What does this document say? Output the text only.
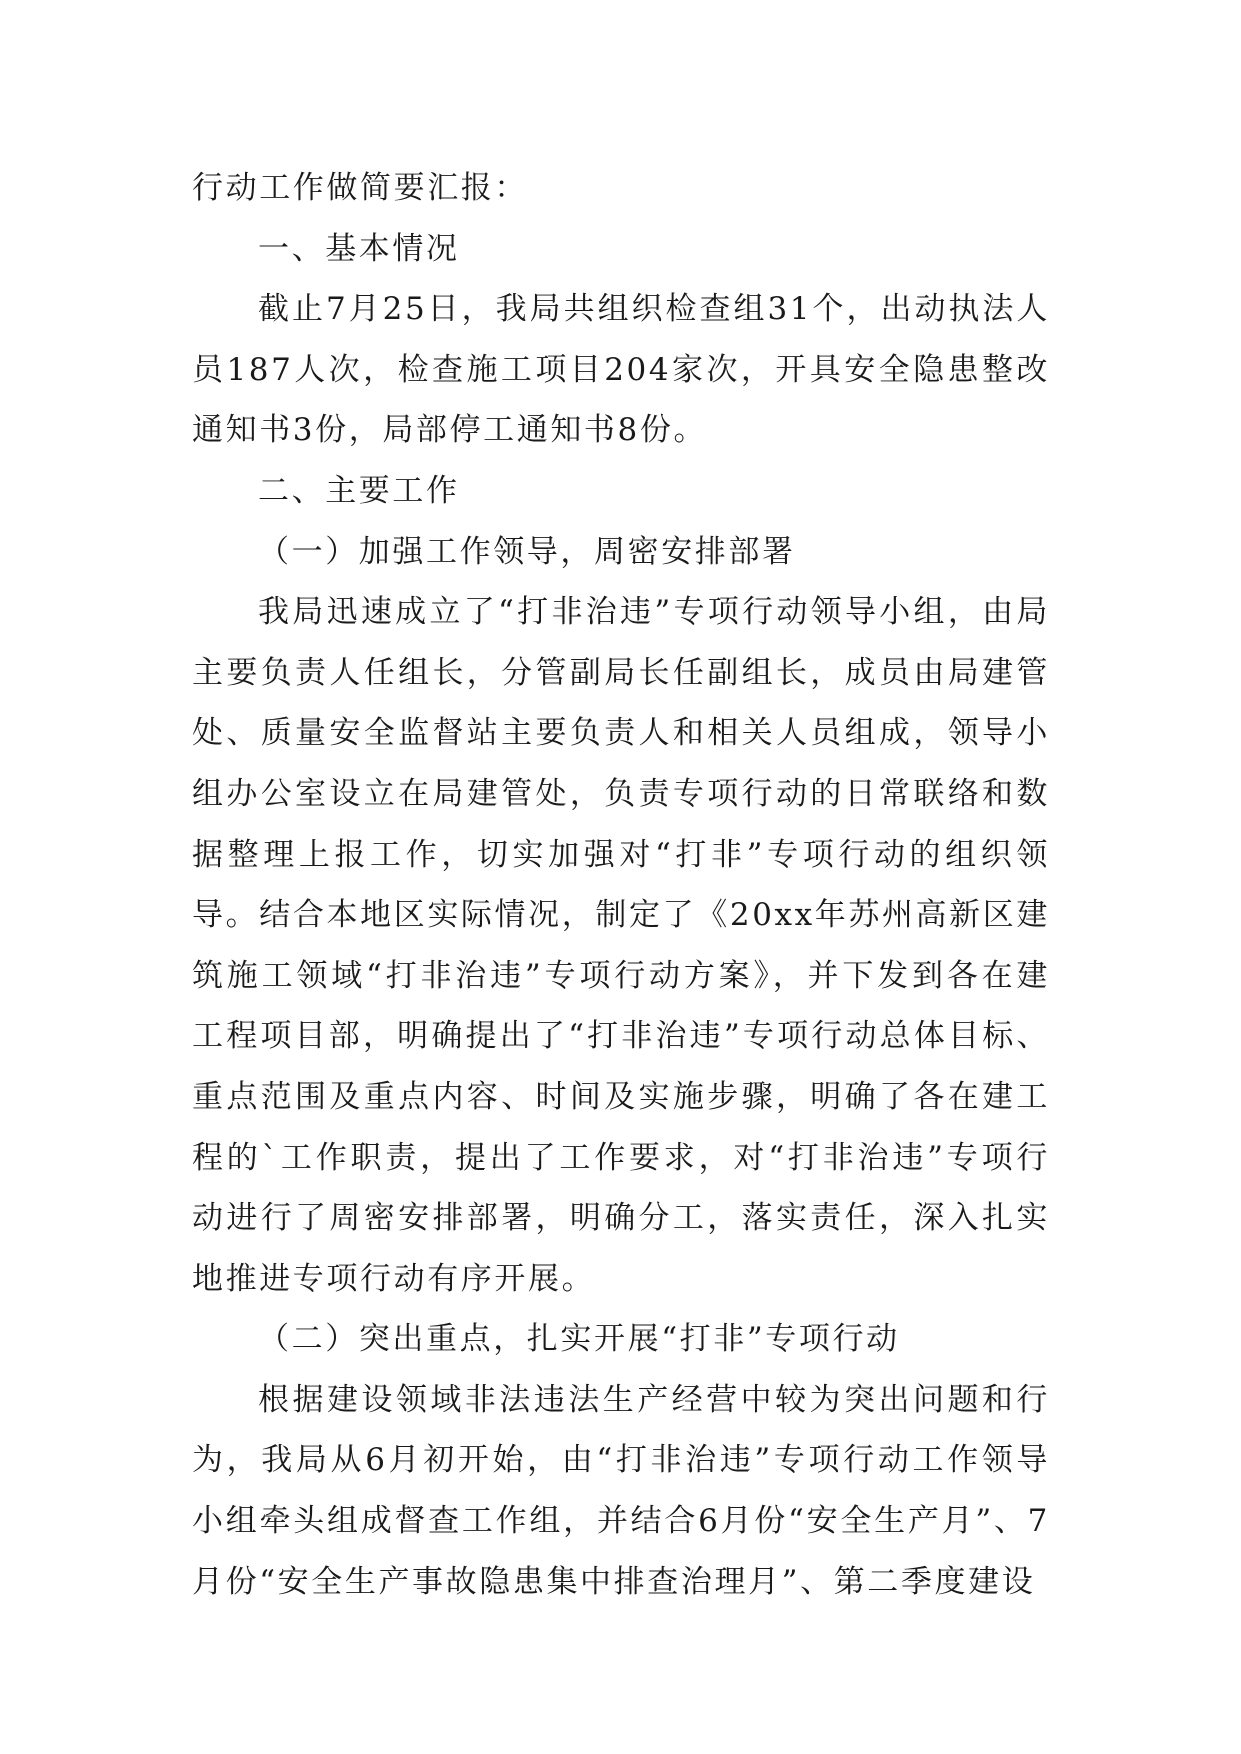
行动工作做简要汇报：

一、基本情况

截止7月25日，我局共组织检查组31个，出动执法人员187人次，检查施工项目204家次，开具安全隐患整改通知书3份，局部停工通知书8份。

二、主要工作

（一）加强工作领导，周密安排部署

我局迅速成立了“打非治违”专项行动领导小组，由局主要负责人任组长，分管副局长任副组长，成员由局建管处、质量安全监督站主要负责人和相关人员组成，领导小组办公室设立在局建管处，负责专项行动的日常联络和数据整理上报工作，切实加强对“打非”专项行动的组织领导。结合本地区实际情况，制定了《20xx年苏州高新区建筑施工领域“打非治违”专项行动方案》，并下发到各在建工程项目部，明确提出了“打非治违”专项行动总体目标、重点范围及重点内容、时间及实施步骤，明确了各在建工程的`工作职责，提出了工作要求，对“打非治违”专项行动进行了周密安排部署，明确分工，落实责任，深入扎实地推进专项行动有序开展。

（二）突出重点，扎实开展“打非”专项行动

根据建设领域非法违法生产经营中较为突出问题和行为，我局从6月初开始，由“打非治违”专项行动工作领导小组牵头组成督查工作组，并结合6月份“安全生产月”、7月份“安全生产事故隐患集中排查治理月”、第二季度建设
